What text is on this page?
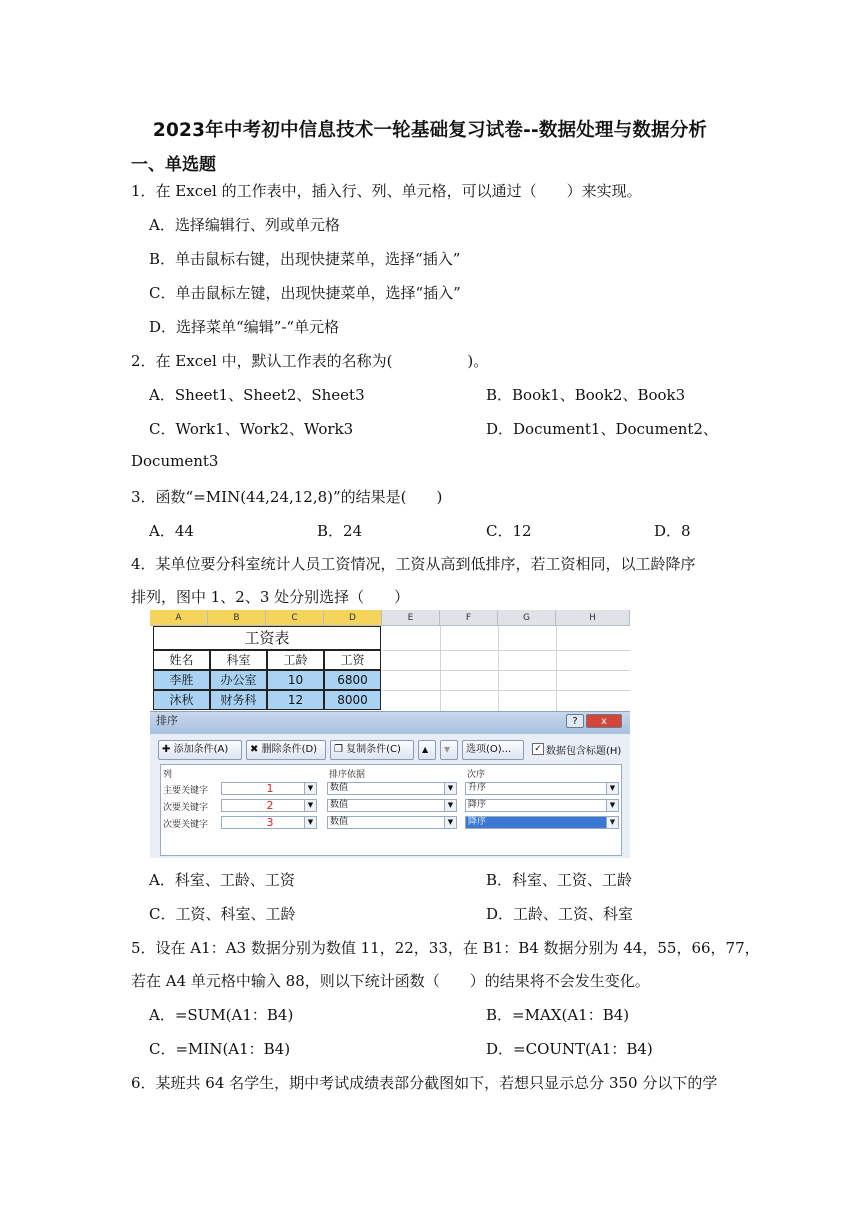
2023年中考初中信息技术一轮基础复习试卷--数据处理与数据分析
一、单选题
1．在 Excel 的工作表中，插入行、列、单元格，可以通过（　　）来实现。
A．选择编辑行、列或单元格
B．单击鼠标右键，出现快捷菜单，选择“插入”
C．单击鼠标左键，出现快捷菜单，选择“插入”
D．选择菜单“编辑”-“单元格
2．在 Excel 中，默认工作表的名称为(　　　　　)。
A．Sheet1、Sheet2、Sheet3	B．Book1、Book2、Book3
C．Work1、Work2、Work3	D．Document1、Document2、
Document3
3．函数“=MIN(44,24,12,8)”的结果是(　　)
A．44	B．24	C．12	D．8
4．某单位要分科室统计人员工资情况，工资从高到低排序，若工资相同，以工龄降序
排列，图中 1、2、3 处分别选择（　　）
A	B	C	D	E	F	G	H
工资表
姓名	科室	工龄	工资
李胜	办公室	10	6800
沐秋	财务科	12	8000
排序	?	x
✚ 添加条件(A)	✖ 删除条件(D)	❐ 复制条件(C)	▲	▼	选项(O)...	✓ 数据包含标题(H)
列	排序依据	次序
主要关键字	1	▼	数值	▼	升序	▼
次要关键字	2	▼	数值	▼	降序	▼
次要关键字	3	▼	数值	▼	降序	▼
A．科室、工龄、工资	B．科室、工资、工龄
C．工资、科室、工龄	D．工龄、工资、科室
5．设在 A1：A3 数据分别为数值 11，22，33，在 B1：B4 数据分别为 44，55，66，77，
若在 A4 单元格中输入 88，则以下统计函数（　　）的结果将不会发生变化。
A．=SUM(A1：B4)	B．=MAX(A1：B4)
C．=MIN(A1：B4)	D．=COUNT(A1：B4)
6．某班共 64 名学生，期中考试成绩表部分截图如下，若想只显示总分 350 分以下的学
